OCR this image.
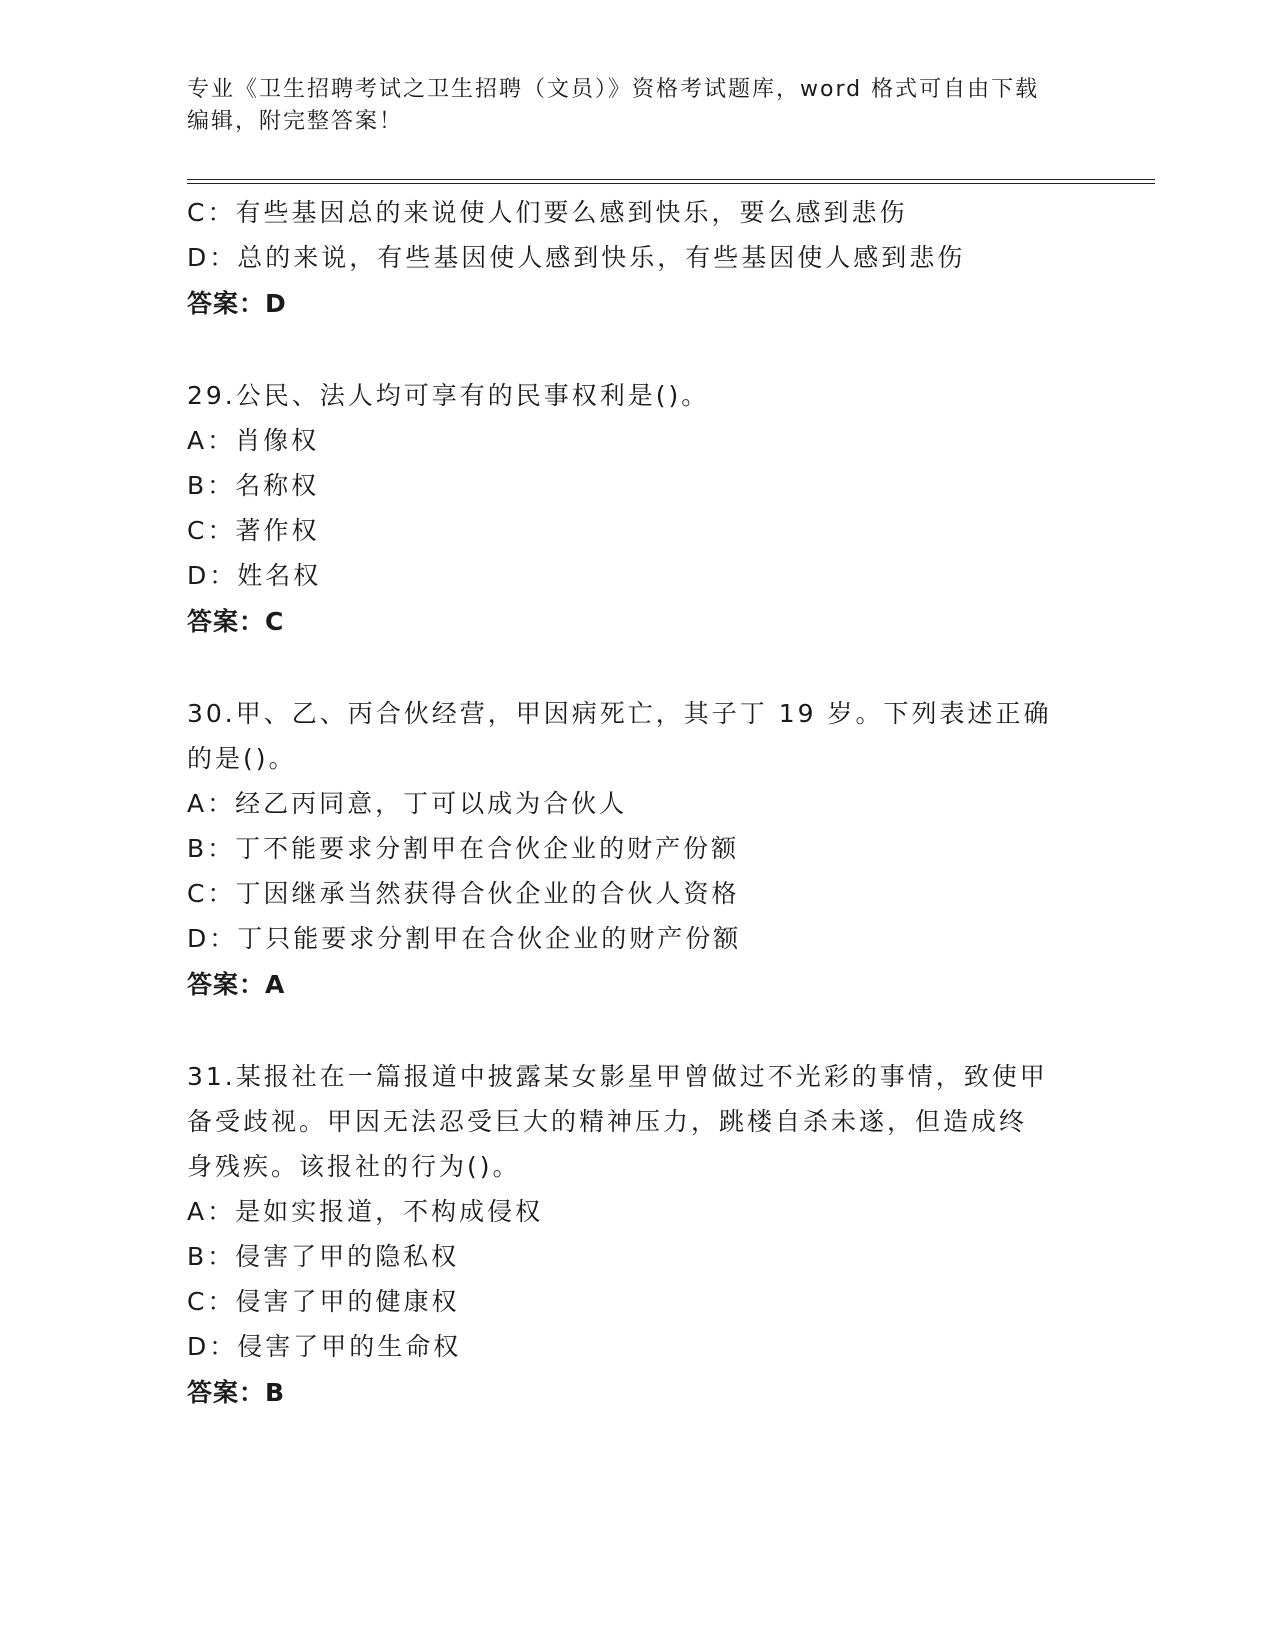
专业《卫生招聘考试之卫生招聘（文员）》资格考试题库，word 格式可自由下载
编辑，附完整答案！
C：有些基因总的来说使人们要么感到快乐，要么感到悲伤
D：总的来说，有些基因使人感到快乐，有些基因使人感到悲伤
答案：D
29.公民、法人均可享有的民事权利是()。
A：肖像权
B：名称权
C：著作权
D：姓名权
答案：C
30.甲、乙、丙合伙经营，甲因病死亡，其子丁 19 岁。下列表述正确
的是()。
A：经乙丙同意，丁可以成为合伙人
B：丁不能要求分割甲在合伙企业的财产份额
C：丁因继承当然获得合伙企业的合伙人资格
D：丁只能要求分割甲在合伙企业的财产份额
答案：A
31.某报社在一篇报道中披露某女影星甲曾做过不光彩的事情，致使甲
备受歧视。甲因无法忍受巨大的精神压力，跳楼自杀未遂，但造成终
身残疾。该报社的行为()。
A：是如实报道，不构成侵权
B：侵害了甲的隐私权
C：侵害了甲的健康权
D：侵害了甲的生命权
答案：B
